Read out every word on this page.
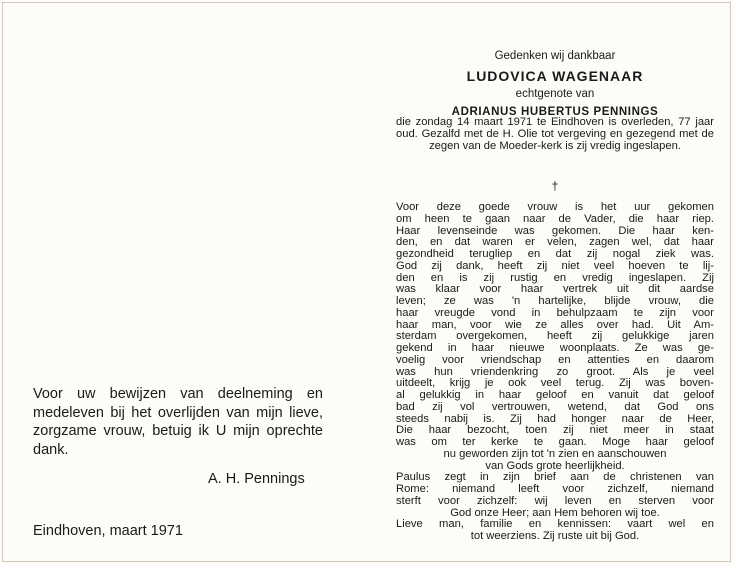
Voor uw bewijzen van deelneming en medeleven bij het overlijden van mijn lieve, zorgzame vrouw, betuig ik U mijn oprechte dank.
A. H. Pennings
Eindhoven, maart 1971
Gedenken wij dankbaar
LUDOVICA WAGENAAR
echtgenote van
ADRIANUS HUBERTUS PENNINGS
die zondag 14 maart 1971 te Eindhoven is overleden, 77 jaar oud. Gezalfd met de H. Olie tot vergeving en gezegend met de zegen van de Moeder-kerk is zij vredig ingeslapen.
†
Voor deze goede vrouw is het uur gekomen
om heen te gaan naar de Vader, die haar riep.
Haar levenseinde was gekomen. Die haar ken-
den, en dat waren er velen, zagen wel, dat haar
gezondheid terugliep en dat zij nogal ziek was.
God zij dank, heeft zij niet veel hoeven te lij-
den en is zij rustig en vredig ingeslapen. Zij
was klaar voor haar vertrek uit dit aardse
leven; ze was 'n hartelijke, blijde vrouw, die
haar vreugde vond in behulpzaam te zijn voor
haar man, voor wie ze alles over had. Uit Am-
sterdam overgekomen, heeft zij gelukkige jaren
gekend in haar nieuwe woonplaats. Ze was ge-
voelig voor vriendschap en attenties en daarom
was hun vriendenkring zo groot. Als je veel
uitdeelt, krijg je ook veel terug. Zij was boven-
al gelukkig in haar geloof en vanuit dat geloof
bad zij vol vertrouwen, wetend, dat God ons
steeds nabij is. Zij had honger naar de Heer,
Die haar bezocht, toen zij niet meer in staat
was om ter kerke te gaan. Moge haar geloof
nu geworden zijn tot 'n zien en aanschouwen
van Gods grote heerlijkheid.
Paulus zegt in zijn brief aan de christenen van
Rome: niemand leeft voor zichzelf, niemand
sterft voor zichzelf: wij leven en sterven voor
God onze Heer; aan Hem behoren wij toe.
Lieve man, familie en kennissen: vaart wel en
tot weerziens. Zij ruste uit bij God.
